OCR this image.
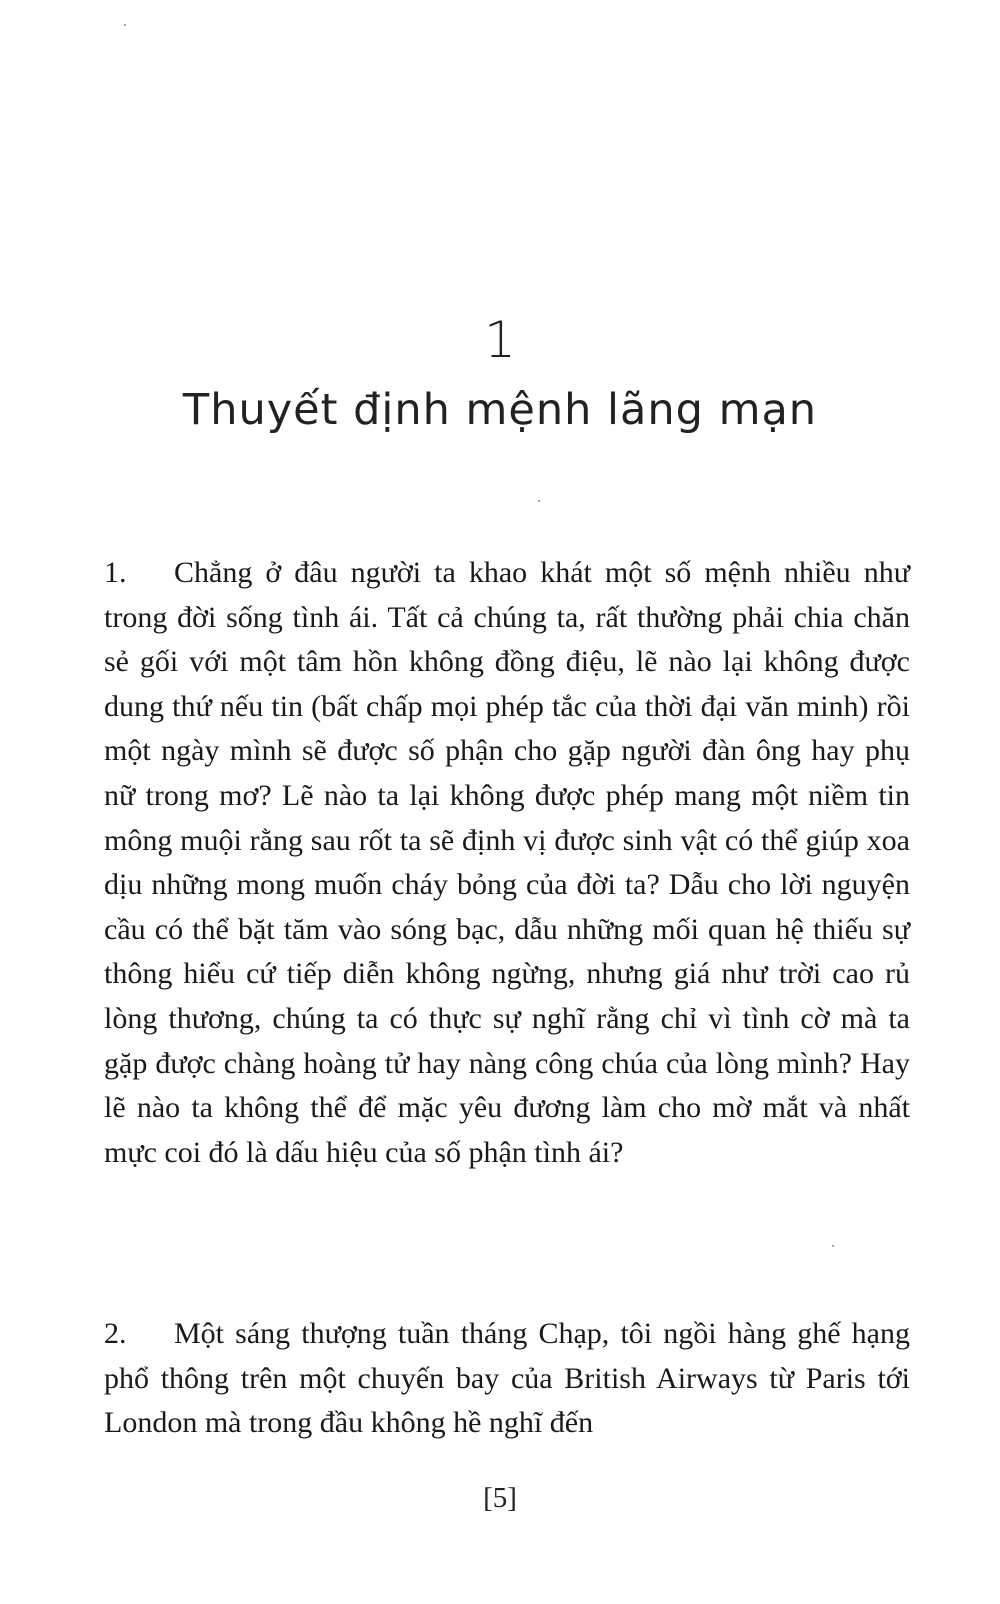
1
Thuyết định mệnh lãng mạn

1. Chẳng ở đâu người ta khao khát một số mệnh nhiều như trong đời sống tình ái. Tất cả chúng ta, rất thường phải chia chăn sẻ gối với một tâm hồn không đồng điệu, lẽ nào lại không được dung thứ nếu tin (bất chấp mọi phép tắc của thời đại văn minh) rồi một ngày mình sẽ được số phận cho gặp người đàn ông hay phụ nữ trong mơ? Lẽ nào ta lại không được phép mang một niềm tin mông muội rằng sau rốt ta sẽ định vị được sinh vật có thể giúp xoa dịu những mong muốn cháy bỏng của đời ta? Dẫu cho lời nguyện cầu có thể bặt tăm vào sóng bạc, dẫu những mối quan hệ thiếu sự thông hiểu cứ tiếp diễn không ngừng, nhưng giá như trời cao rủ lòng thương, chúng ta có thực sự nghĩ rằng chỉ vì tình cờ mà ta gặp được chàng hoàng tử hay nàng công chúa của lòng mình? Hay lẽ nào ta không thể để mặc yêu đương làm cho mờ mắt và nhất mực coi đó là dấu hiệu của số phận tình ái?

2. Một sáng thượng tuần tháng Chạp, tôi ngồi hàng ghế hạng phổ thông trên một chuyến bay của British Airways từ Paris tới London mà trong đầu không hề nghĩ đến

[5]
